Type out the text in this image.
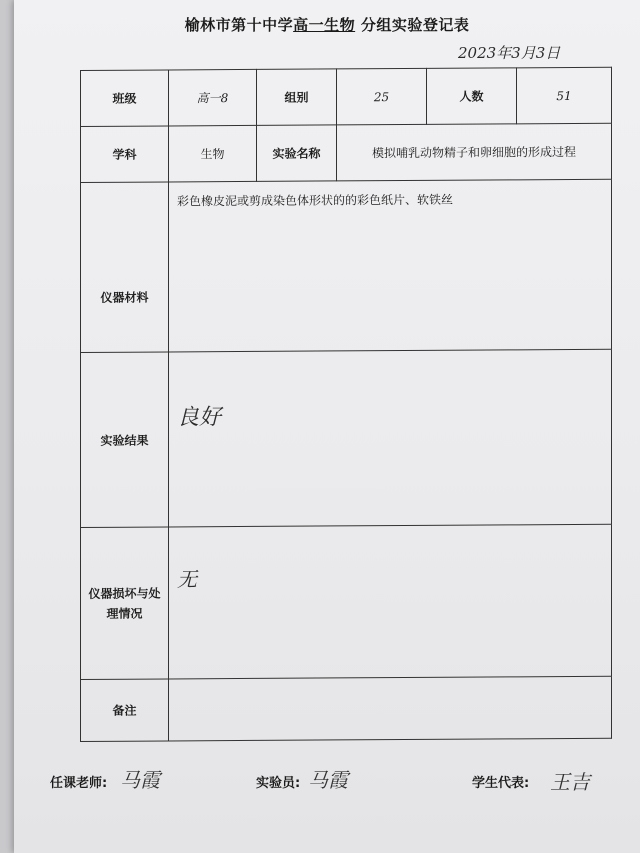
榆林市第十中学高一生物 分组实验登记表
2023年3月3日
班级	高一8	组别	25	人数	51
学科	生物	实验名称	模拟哺乳动物精子和卵细胞的形成过程		
仪器材料	彩色橡皮泥或剪成染色体形状的的彩色纸片、软铁丝				
实验结果	良好				
仪器损坏与处理情况	无				
备注					
任课老师: 马霞	实验员: 马霞	学生代表: 王吉
